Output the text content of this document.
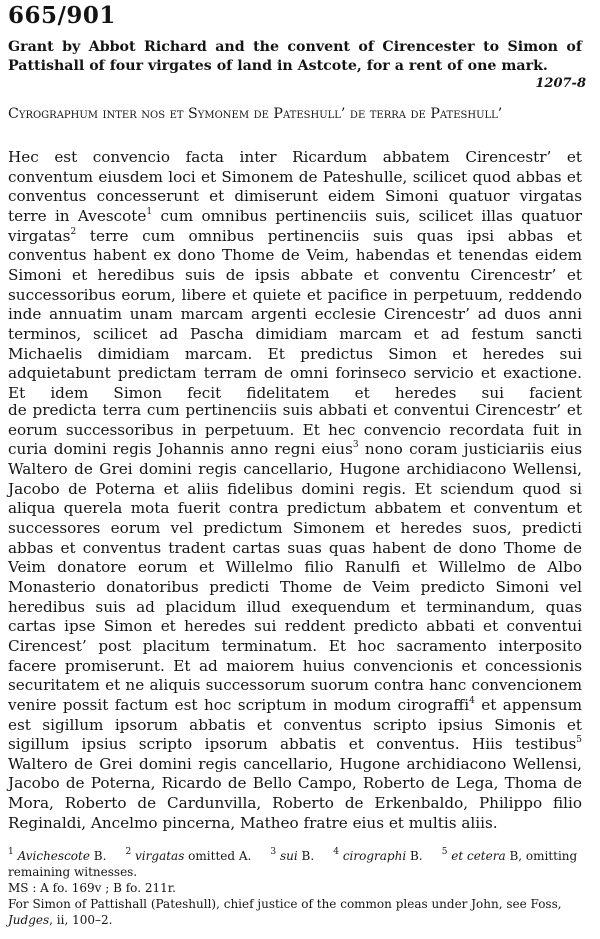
665/901

Grant by Abbot Richard and the convent of Cirencester to Simon of Pattishall of four virgates of land in Astcote, for a rent of one mark.

1207-8

Cyrographum inter nos et Symonem de Pateshull’ de terra de Pateshull’

Hec est convencio facta inter Ricardum abbatem Cirencestr’ et conventum eiusdem loci et Simonem de Pateshulle, scilicet quod abbas et conventus concesserunt et dimiserunt eidem Simoni quatuor virgatas terre in Avescote$^1$ cum omnibus pertinenciis suis, scilicet illas quatuor virgatas$^2$ terre cum omnibus pertinenciis suis quas ipsi abbas et conventus habent ex dono Thome de Veim, habendas et tenendas eidem Simoni et heredibus suis de ipsis abbate et conventu Cirencestr’ et successoribus eorum, libere et quiete et pacifice in perpetuum, reddendo inde annuatim unam marcam argenti ecclesie Cirencestr’ ad duos anni terminos, scilicet ad Pascha dimidiam marcam et ad festum sancti Michaelis dimidiam marcam. Et predictus Simon et heredes sui adquietabunt predictam terram de omni forinseco servicio et exactione. Et idem Simon fecit fidelitatem et heredes sui facient

de predicta terra cum pertinenciis suis abbati et conventui Cirencestr’ et eorum successoribus in perpetuum. Et hec convencio recordata fuit in curia domini regis Johannis anno regni eius$^3$ nono coram justiciariis eius Waltero de Grei domini regis cancellario, Hugone archidiacono Wellensi, Jacobo de Poterna et aliis fidelibus domini regis. Et sciendum quod si aliqua querela mota fuerit contra predictum abbatem et conventum et successores eorum vel predictum Simonem et heredes suos, predicti abbas et conventus tradent cartas suas quas habent de dono Thome de Veim donatore eorum et Willelmo filio Ranulfi et Willelmo de Albo Monasterio donatoribus predicti Thome de Veim predicto Simoni vel heredibus suis ad placidum illud exequendum et terminandum, quas cartas ipse Simon et heredes sui reddent predicto abbati et conventui Cirencest’ post placitum terminatum. Et hoc sacramento interposito facere promiserunt. Et ad maiorem huius convencionis et concessionis securitatem et ne aliquis successorum suorum contra hanc convencionem venire possit factum est hoc scriptum in modum cirograffi$^4$ et appensum est sigillum ipsorum abbatis et conventus scripto ipsius Simonis et sigillum ipsius scripto ipsorum abbatis et conventus. Hiis testibus$^5$ Waltero de Grei domini regis cancellario, Hugone archidiacono Wellensi, Jacobo de Poterna, Ricardo de Bello Campo, Roberto de Lega, Thoma de Mora, Roberto de Cardunvilla, Roberto de Erkenbaldo, Philippo filio Reginaldi, Ancelmo pincerna, Matheo fratre eius et multis aliis.

$^1$ Avichescote B. $^2$ virgatas omitted A. $^3$ sui B. $^4$ cirographi B. $^5$ et cetera B, omitting remaining witnesses.

MS : A fo. 169v ; B fo. 211r.

For Simon of Pattishall (Pateshull), chief justice of the common pleas under John, see Foss, Judges, ii, 100–2.
